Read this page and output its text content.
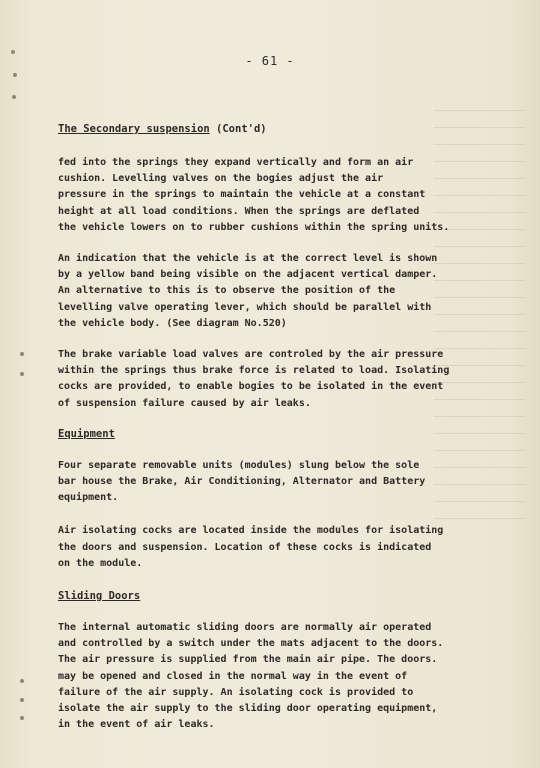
- 61 -
The Secondary suspension (Cont'd)
fed into the springs they expand vertically and form an air
cushion. Levelling valves on the bogies adjust the air
pressure in the springs to maintain the vehicle at a constant
height at all load conditions. When the springs are deflated
the vehicle lowers on to rubber cushions within the spring units.
An indication that the vehicle is at the correct level is shown
by a yellow band being visible on the adjacent vertical damper.
An alternative to this is to observe the position of the
levelling valve operating lever, which should be parallel with
the vehicle body. (See diagram No.520)
The brake variable load valves are controled by the air pressure
within the springs thus brake force is related to load. Isolating
cocks are provided, to enable bogies to be isolated in the event
of suspension failure caused by air leaks.
Equipment
Four separate removable units (modules) slung below the sole
bar house the Brake, Air Conditioning, Alternator and Battery
equipment.
Air isolating cocks are located inside the modules for isolating
the doors and suspension. Location of these cocks is indicated
on the module.
Sliding Doors
The internal automatic sliding doors are normally air operated
and controlled by a switch under the mats adjacent to the doors.
The air pressure is supplied from the main air pipe. The doors.
may be opened and closed in the normal way in the event of
failure of the air supply. An isolating cock is provided to
isolate the air supply to the sliding door operating equipment,
in the event of air leaks.
